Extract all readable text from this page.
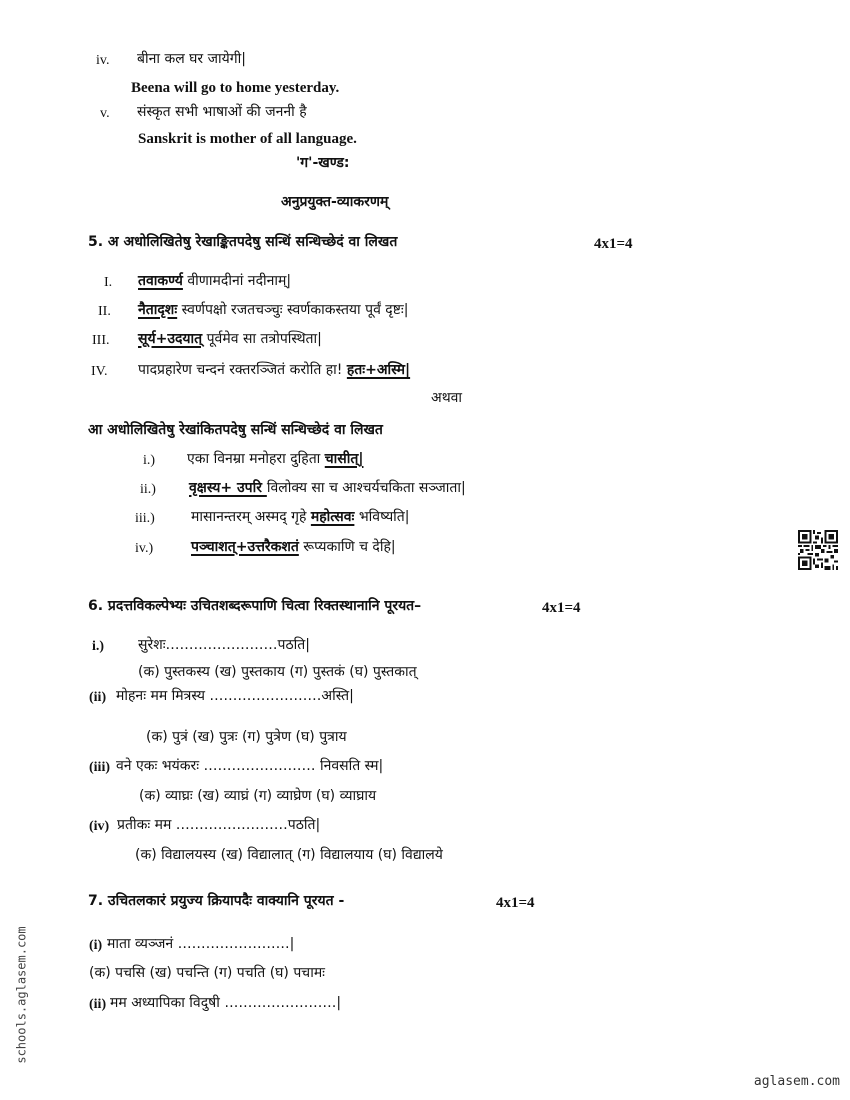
iv. बीना कल घर जायेगी|
Beena will go to home yesterday.
v. संस्कृत सभी भाषाओं की जननी है
Sanskrit is mother of all language.
'ग'-खण्ड:
अनुप्रयुक्त-व्याकरणम्
5. अ अधोलिखितेषु रेखाङ्कितपदेषु सन्धिं सन्धिच्छेदं वा लिखत	4x1=4
I. तवाकर्ण्य वीणामदीनां नदीनाम्|
II. नैतादृशः स्वर्णपक्षो रजतचञ्चुः स्वर्णकाकस्तया पूर्वं दृष्टः|
III. सूर्य+उदयात् पूर्वमेव सा तत्रोपस्थिता|
IV. पादप्रहारेण चन्दनं रक्तरञ्जितं करोति हा! हतः+अस्मि|
अथवा
आ अधोलिखितेषु रेखांकितपदेषु सन्धिं सन्धिच्छेदं वा लिखत
i.) एका विनम्रा मनोहरा दुहिता चासीत्|
ii.) वृक्षस्य+ उपरि विलोक्य सा च आश्चर्यचकिता सञ्जाता|
iii.)	मासानन्तरम् अस्मद् गृहे महोत्सवः भविष्यति|
iv.)	पञ्चाशत्+उत्तरैकशतं रूप्यकाणि च देहि|
6. प्रदत्तविकल्पेभ्यः उचितशब्दरूपाणि चित्वा रिक्तस्थानानि पूरयत–	4x1=4
i.) सुरेशः……………………पठति|
(क) पुस्तकस्य (ख) पुस्तकाय (ग) पुस्तकं (घ) पुस्तकात्
(ii) मोहनः मम मित्रस्य ……………………अस्ति|
(क) पुत्रं (ख) पुत्रः (ग) पुत्रेण (घ) पुत्राय
(iii) वने एकः भयंकरः …………………… निवसति स्म|
(क) व्याघ्रः (ख) व्याघ्रं (ग) व्याघ्रेण (घ) व्याघ्राय
(iv) प्रतीकः मम ……………………पठति|
(क) विद्यालयस्य (ख) विद्यालात् (ग) विद्यालयाय (घ) विद्यालये
7. उचितलकारं प्रयुज्य क्रियापदैः वाक्यानि पूरयत -	4x1=4
(i) माता व्यञ्जनं ……………………|
(क) पचसि (ख) पचन्ति (ग) पचति (घ) पचामः
(ii) मम अध्यापिका विदुषी ……………………|
schools.aglasem.com
aglasem.com
